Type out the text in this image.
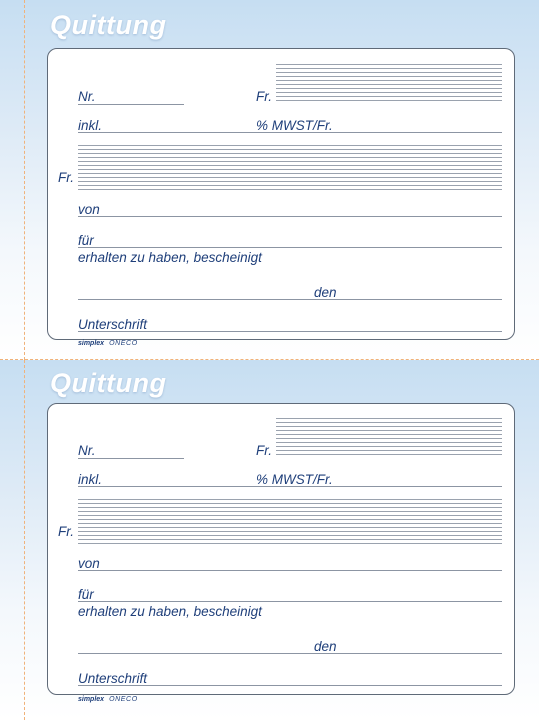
Quittung
Nr.	Fr.
inkl.	% MWST/Fr.
Fr.
von
für
erhalten zu haben, bescheinigt
den
Unterschrift
simplex ONECO
Quittung
Nr.	Fr.
inkl.	% MWST/Fr.
Fr.
von
für
erhalten zu haben, bescheinigt
den
Unterschrift
simplex ONECO
